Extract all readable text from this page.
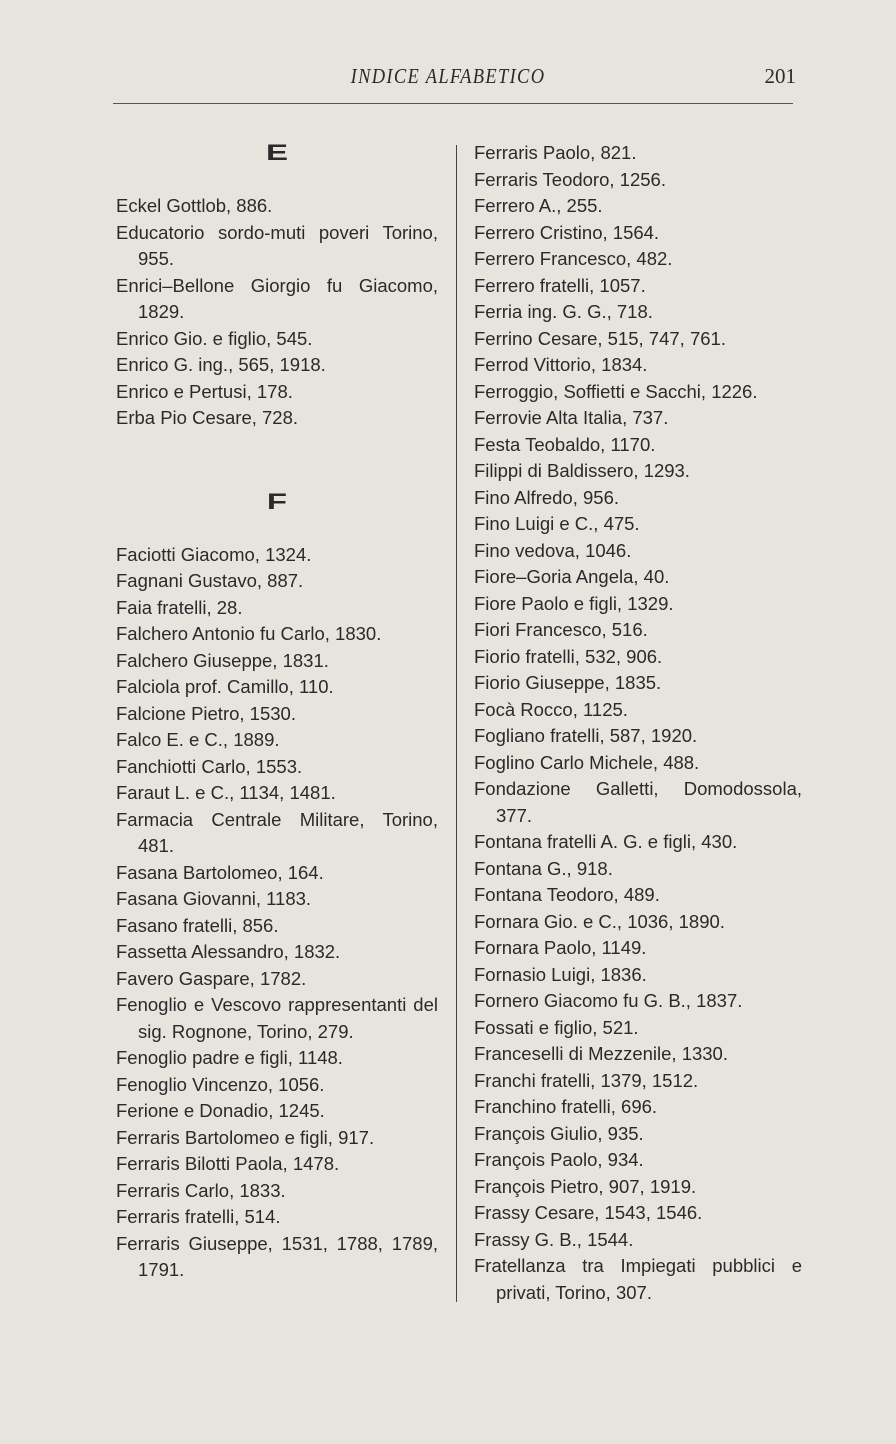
INDICE ALFABETICO	201
E
Eckel Gottlob, 886.
Educatorio sordo-muti poveri Torino, 955.
Enrici–Bellone Giorgio fu Giacomo, 1829.
Enrico Gio. e figlio, 545.
Enrico G. ing., 565, 1918.
Enrico e Pertusi, 178.
Erba Pio Cesare, 728.
F
Faciotti Giacomo, 1324.
Fagnani Gustavo, 887.
Faia fratelli, 28.
Falchero Antonio fu Carlo, 1830.
Falchero Giuseppe, 1831.
Falciola prof. Camillo, 110.
Falcione Pietro, 1530.
Falco E. e C., 1889.
Fanchiotti Carlo, 1553.
Faraut L. e C., 1134, 1481.
Farmacia Centrale Militare, Torino, 481.
Fasana Bartolomeo, 164.
Fasana Giovanni, 1183.
Fasano fratelli, 856.
Fassetta Alessandro, 1832.
Favero Gaspare, 1782.
Fenoglio e Vescovo rappresentanti del sig. Rognone, Torino, 279.
Fenoglio padre e figli, 1148.
Fenoglio Vincenzo, 1056.
Ferione e Donadio, 1245.
Ferraris Bartolomeo e figli, 917.
Ferraris Bilotti Paola, 1478.
Ferraris Carlo, 1833.
Ferraris fratelli, 514.
Ferraris Giuseppe, 1531, 1788, 1789, 1791.
Ferraris Paolo, 821.
Ferraris Teodoro, 1256.
Ferrero A., 255.
Ferrero Cristino, 1564.
Ferrero Francesco, 482.
Ferrero fratelli, 1057.
Ferria ing. G. G., 718.
Ferrino Cesare, 515, 747, 761.
Ferrod Vittorio, 1834.
Ferroggio, Soffietti e Sacchi, 1226.
Ferrovie Alta Italia, 737.
Festa Teobaldo, 1170.
Filippi di Baldissero, 1293.
Fino Alfredo, 956.
Fino Luigi e C., 475.
Fino vedova, 1046.
Fiore–Goria Angela, 40.
Fiore Paolo e figli, 1329.
Fiori Francesco, 516.
Fiorio fratelli, 532, 906.
Fiorio Giuseppe, 1835.
Focà Rocco, 1125.
Fogliano fratelli, 587, 1920.
Foglino Carlo Michele, 488.
Fondazione Galletti, Domodossola, 377.
Fontana fratelli A. G. e figli, 430.
Fontana G., 918.
Fontana Teodoro, 489.
Fornara Gio. e C., 1036, 1890.
Fornara Paolo, 1149.
Fornasio Luigi, 1836.
Fornero Giacomo fu G. B., 1837.
Fossati e figlio, 521.
Franceselli di Mezzenile, 1330.
Franchi fratelli, 1379, 1512.
Franchino fratelli, 696.
François Giulio, 935.
François Paolo, 934.
François Pietro, 907, 1919.
Frassy Cesare, 1543, 1546.
Frassy G. B., 1544.
Fratellanza tra Impiegati pubblici e privati, Torino, 307.
